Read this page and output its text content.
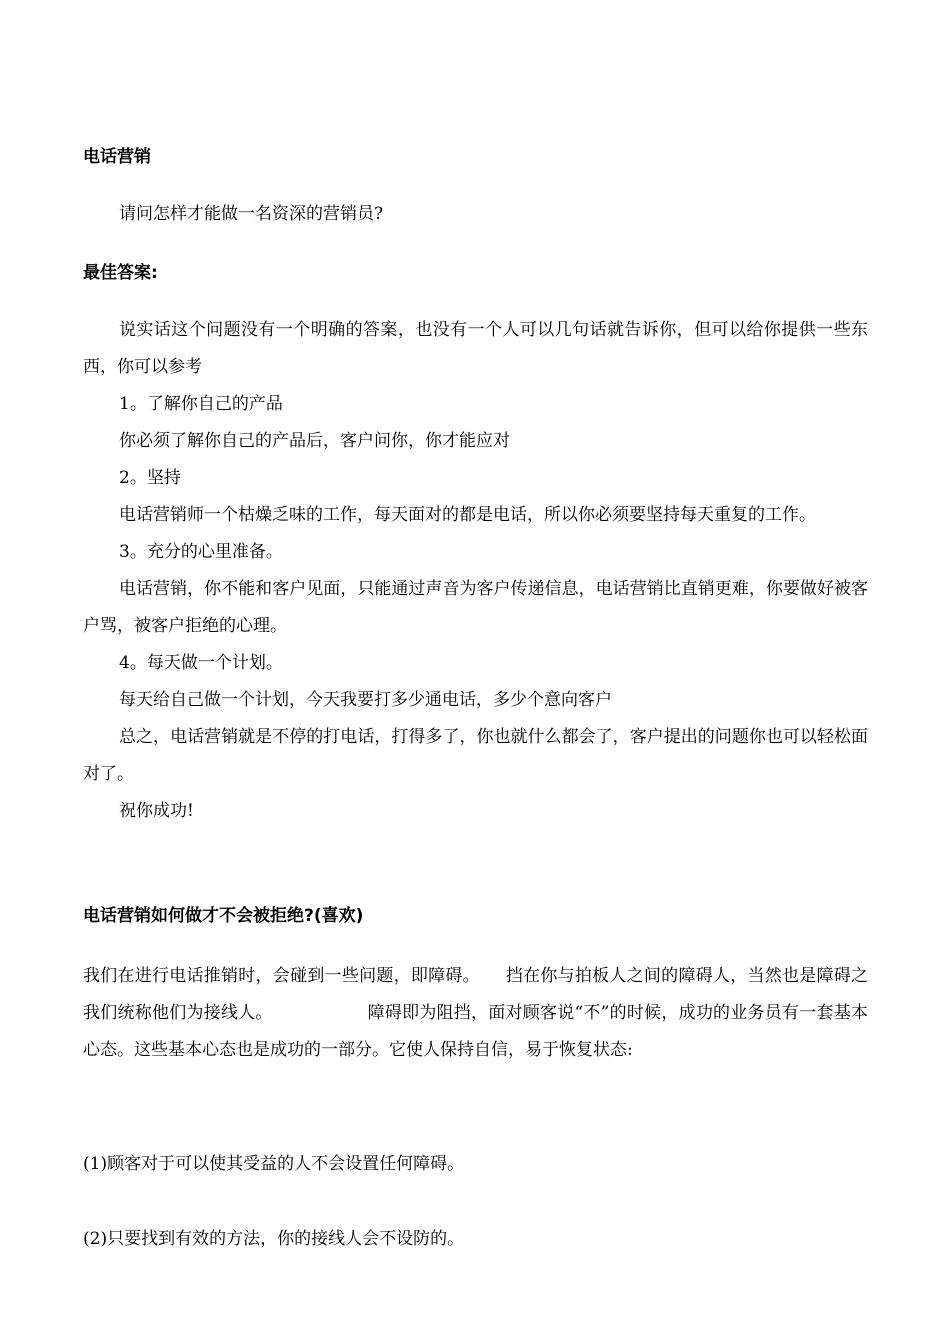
电话营销

请问怎样才能做一名资深的营销员?

最佳答案:

说实话这个问题没有一个明确的答案，也没有一个人可以几句话就告诉你，但可以给你提供一些东西，你可以参考

1。了解你自己的产品

你必须了解你自己的产品后，客户问你，你才能应对

2。坚持

电话营销师一个枯燥乏味的工作，每天面对的都是电话，所以你必须要坚持每天重复的工作。

3。充分的心里准备。

电话营销，你不能和客户见面，只能通过声音为客户传递信息，电话营销比直销更难，你要做好被客户骂，被客户拒绝的心理。

4。每天做一个计划。

每天给自己做一个计划，今天我要打多少通电话，多少个意向客户

总之，电话营销就是不停的打电话，打得多了，你也就什么都会了，客户提出的问题你也可以轻松面对了。

祝你成功!

电话营销如何做才不会被拒绝?(喜欢)

我们在进行电话推销时，会碰到一些问题，即障碍。　　挡在你与拍板人之间的障碍人，当然也是障碍之我们统称他们为接线人。　　　　　　障碍即为阻挡，面对顾客说“不”的时候，成功的业务员有一套基本心态。这些基本心态也是成功的一部分。它使人保持自信，易于恢复状态:

(1)顾客对于可以使其受益的人不会设置任何障碍。

(2)只要找到有效的方法，你的接线人会不设防的。
